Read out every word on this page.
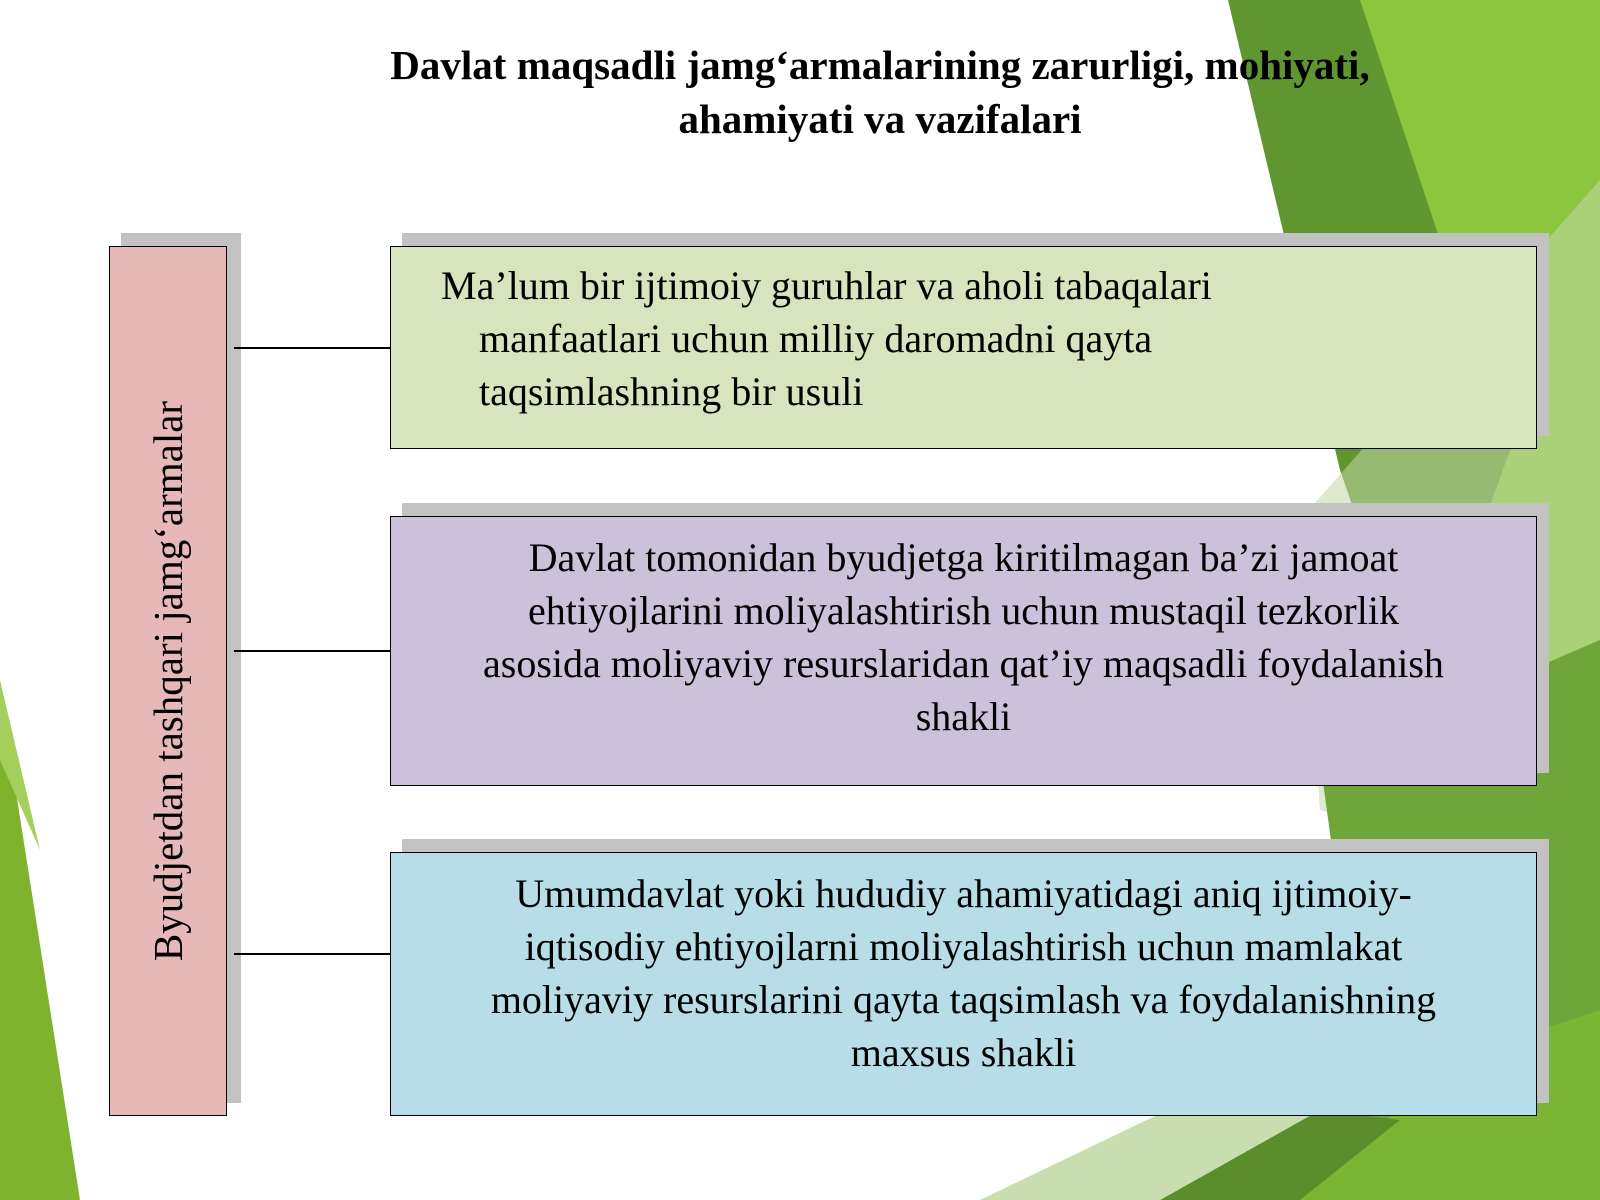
Davlat maqsadli jamg‘armalarining zarurligi, mohiyati,
ahamiyati va vazifalari
Byudjetdan tashqari jamg‘armalar
Ma’lum bir ijtimoiy guruhlar va aholi tabaqalari
manfaatlari uchun milliy daromadni qayta
taqsimlashning bir usuli
Davlat tomonidan byudjetga kiritilmagan ba’zi jamoat
ehtiyojlarini moliyalashtirish uchun mustaqil tezkorlik
asosida moliyaviy resurslaridan qat’iy maqsadli foydalanish
shakli
Umumdavlat yoki hududiy ahamiyatidagi aniq ijtimoiy-
iqtisodiy ehtiyojlarni moliyalashtirish uchun mamlakat
moliyaviy resurslarini qayta taqsimlash va foydalanishning
maxsus shakli
